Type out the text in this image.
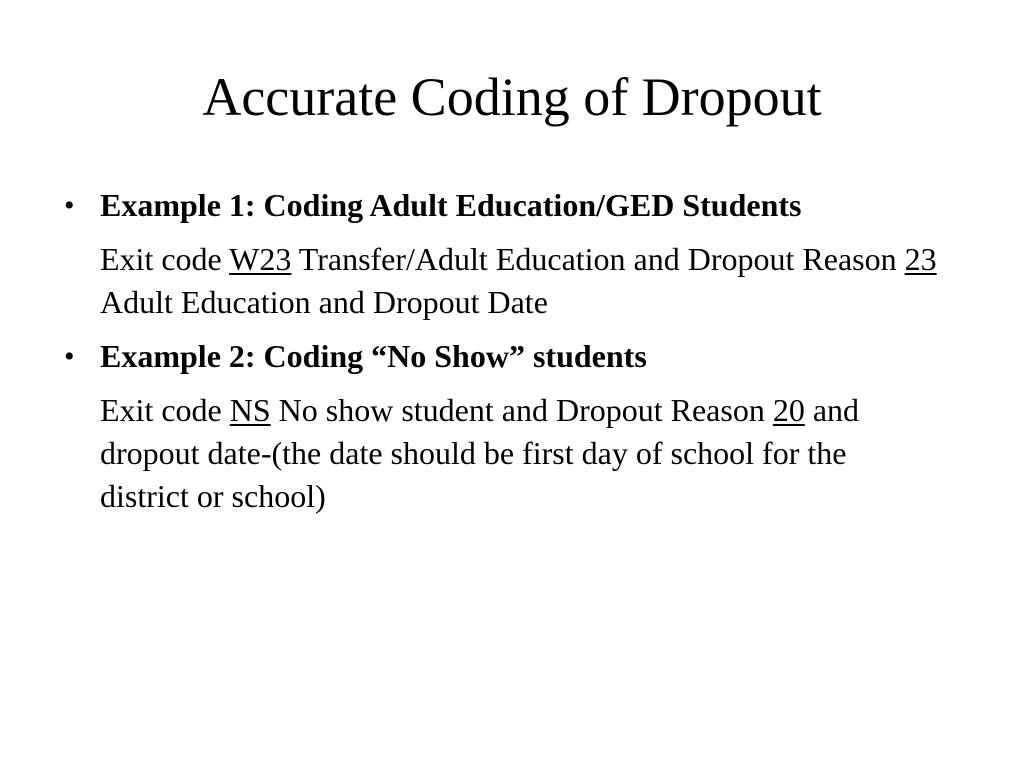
Accurate Coding of Dropout
• Example 1: Coding Adult Education/GED Students
Exit code W23 Transfer/Adult Education and Dropout Reason 23 Adult Education and Dropout Date
• Example 2: Coding “No Show” students
Exit code NS No show student and Dropout Reason 20 and dropout date-(the date should be first day of school for the district or school)
